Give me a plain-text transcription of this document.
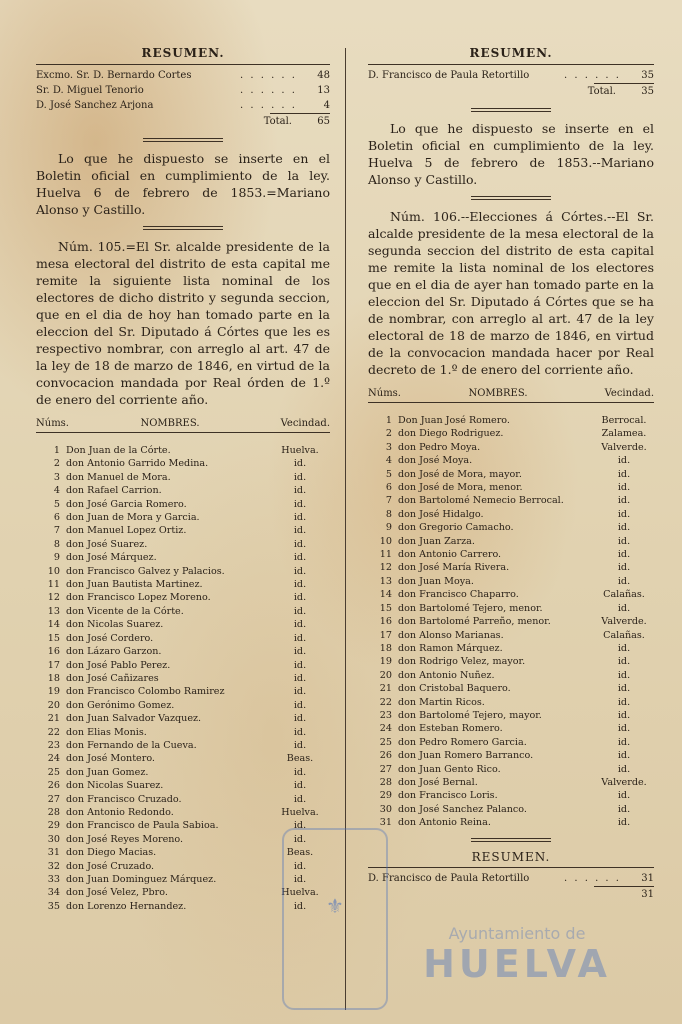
RESUMEN.
Excmo. Sr. D. Bernardo Cortes	. . . . . .	48
Sr. D. Miguel Tenorio	. . . . . .	13
D. José Sanchez Arjona	. . . . . .	4
Total.	65

Lo que he dispuesto se inserte en el Boletin oficial en cumplimiento de la ley. Huelva 6 de febrero de 1853.=Mariano Alonso y Castillo.

Núm. 105.=El Sr. alcalde presidente de la mesa electoral del distrito de esta capital me remite la siguiente lista nominal de los electores de dicho distrito y segunda seccion, que en el dia de hoy han tomado parte en la eleccion del Sr. Diputado á Córtes que les es respectivo nombrar, con arreglo al art. 47 de la ley de 18 de marzo de 1846, en virtud de la convocacion mandada por Real órden de 1.º de enero del corriente año.

Núms.	NOMBRES.	Vecindad.
1 Don Juan de la Córte.	Huelva.
2 don Antonio Garrido Medina.	id.
3 don Manuel de Mora.	id.
4 don Rafael Carrion.	id.
5 don José Garcia Romero.	id.
6 don Juan de Mora y Garcia.	id.
7 don Manuel Lopez Ortiz.	id.
8 don José Suarez.	id.
9 don José Márquez.	id.
10 don Francisco Galvez y Palacios.	id.
11 don Juan Bautista Martinez.	id.
12 don Francisco Lopez Moreno.	id.
13 don Vicente de la Córte.	id.
14 don Nicolas Suarez.	id.
15 don José Cordero.	id.
16 don Lázaro Garzon.	id.
17 don José Pablo Perez.	id.
18 don José Cañizares	id.
19 don Francisco Colombo Ramirez	id.
20 don Gerónimo Gomez.	id.
21 don Juan Salvador Vazquez.	id.
22 don Elias Monis.	id.
23 don Fernando de la Cueva.	id.
24 don José Montero.	Beas.
25 don Juan Gomez.	id.
26 don Nicolas Suarez.	id.
27 don Francisco Cruzado.	id.
28 don Antonio Redondo.	Huelva.
29 don Francisco de Paula Sabioa.	id.
30 don José Reyes Moreno.	id.
31 don Diego Macias.	Beas.
32 don José Cruzado.	id.
33 don Juan Dominguez Márquez.	id.
34 don José Velez, Pbro.	Huelva.
35 don Lorenzo Hernandez.	id.
RESUMEN.
D. Francisco de Paula Retortillo	. . . . . .	35
Total.	35

Lo que he dispuesto se inserte en el Boletin oficial en cumplimiento de la ley. Huelva 5 de febrero de 1853.--Mariano Alonso y Castillo.

Núm. 106.--Elecciones á Córtes.--El Sr. alcalde presidente de la mesa electoral de la segunda seccion del distrito de esta capital me remite la lista nominal de los electores que en el dia de ayer han tomado parte en la eleccion del Sr. Diputado á Córtes que se ha de nombrar, con arreglo al art. 47 de la ley electoral de 18 de marzo de 1846, en virtud de la convocacion mandada hacer por Real decreto de 1.º de enero del corriente año.

Núms.	NOMBRES.	Vecindad.
1 Don Juan José Romero.	Berrocal.
2 don Diego Rodriguez.	Zalamea.
3 don Pedro Moya.	Valverde.
4 don José Moya.	id.
5 don José de Mora, mayor.	id.
6 don José de Mora, menor.	id.
7 don Bartolomé Nemecio Berrocal.	id.
8 don José Hidalgo.	id.
9 don Gregorio Camacho.	id.
10 don Juan Zarza.	id.
11 don Antonio Carrero.	id.
12 don José María Rivera.	id.
13 don Juan Moya.	id.
14 don Francisco Chaparro.	Calañas.
15 don Bartolomé Tejero, menor.	id.
16 don Bartolomé Parreño, menor.	Valverde.
17 don Alonso Marianas.	Calañas.
18 don Ramon Márquez.	id.
19 don Rodrigo Velez, mayor.	id.
20 don Antonio Nuñez.	id.
21 don Cristobal Baquero.	id.
22 don Martin Ricos.	id.
23 don Bartolomé Tejero, mayor.	id.
24 don Esteban Romero.	id.
25 don Pedro Romero Garcia.	id.
26 don Juan Romero Barranco.	id.
27 don Juan Gento Rico.	id.
28 don José Bernal.	Valverde.
29 don Francisco Loris.	id.
30 don José Sanchez Palanco.	id.
31 don Antonio Reina.	id.
RESUMEN.
D. Francisco de Paula Retortillo	. . . . . .	31
31
⚜
Ayuntamiento de
HUELVA
